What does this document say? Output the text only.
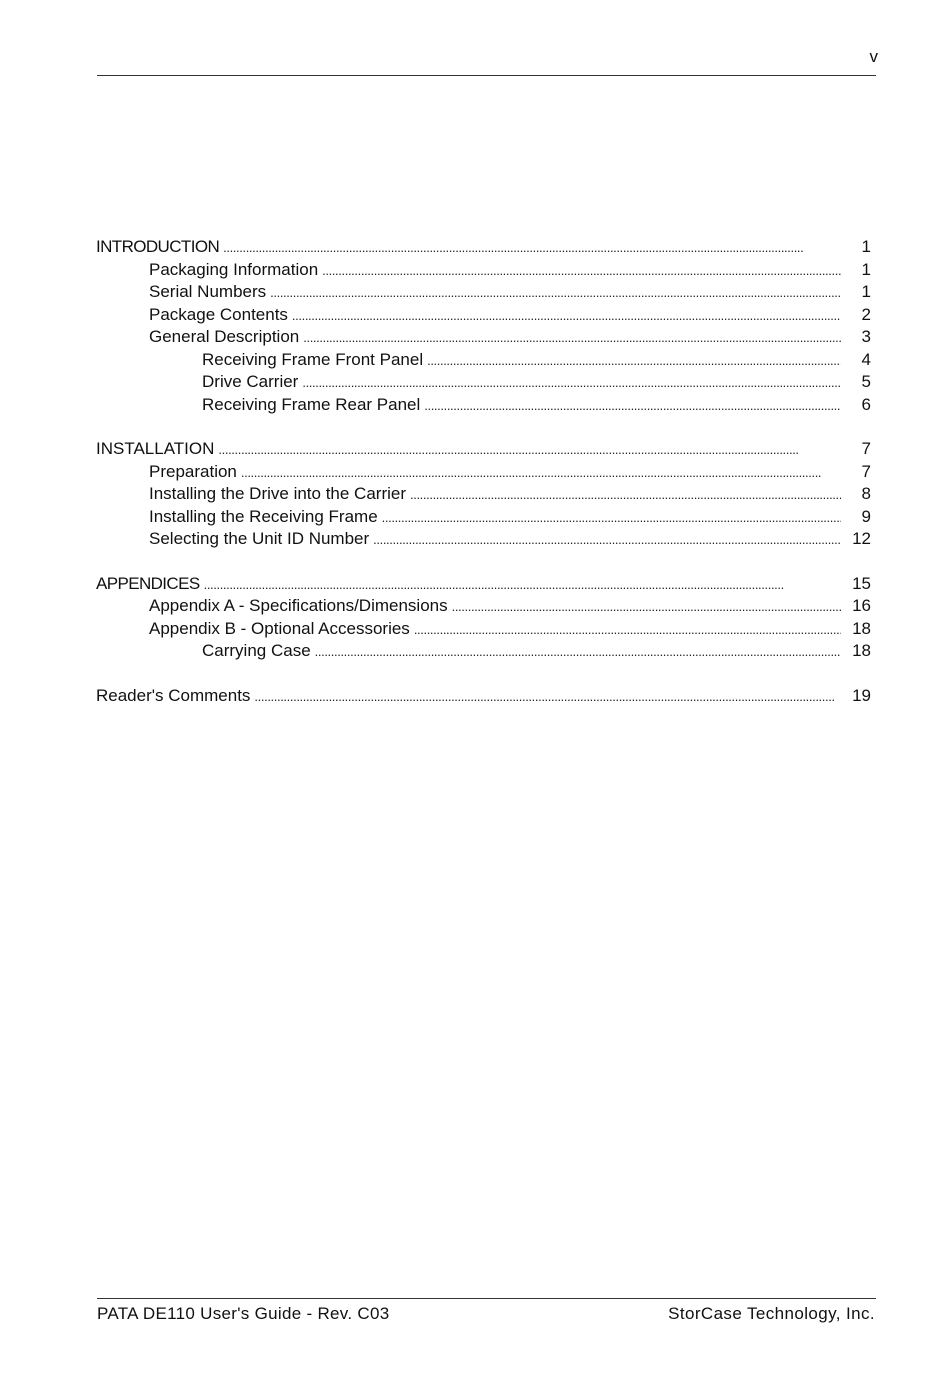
v
INTRODUCTION . . .	1
Packaging Information . . .	1
Serial Numbers . . .	1
Package Contents . . .	2
General Description . . .	3
Receiving Frame Front Panel . . .	4
Drive Carrier . . .	5
Receiving Frame Rear Panel . . .	6
INSTALLATION . . .	7
Preparation . . .	7
Installing the Drive into the Carrier . . .	8
Installing the Receiving Frame . . .	9
Selecting the Unit ID Number . . .	12
APPENDICES . . .	15
Appendix A - Specifications/Dimensions . . .	16
Appendix B - Optional Accessories . . .	18
Carrying Case . . .	18
Reader's Comments . . .	19
PATA DE110 User's Guide - Rev. C03	StorCase Technology, Inc.
